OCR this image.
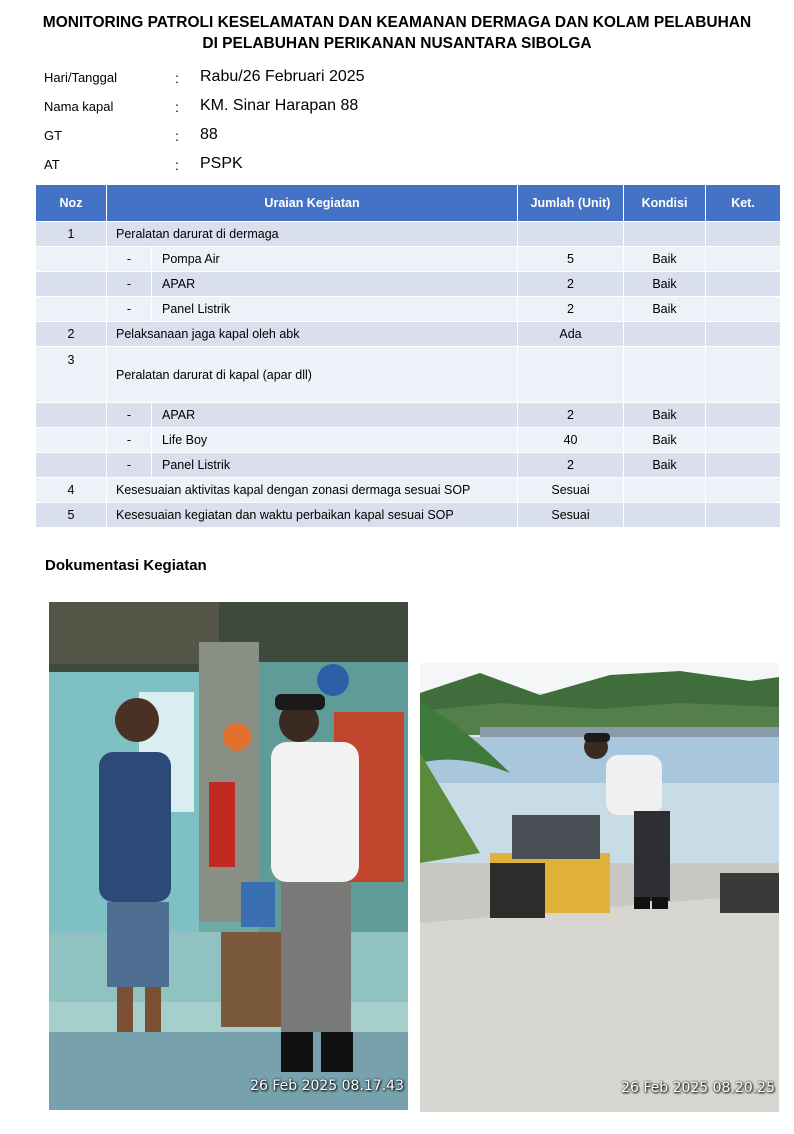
MONITORING PATROLI KESELAMATAN DAN KEAMANAN DERMAGA DAN KOLAM PELABUHAN
DI PELABUHAN PERIKANAN NUSANTARA SIBOLGA
Hari/Tanggal	: Rabu/26 Februari 2025
Nama kapal	: KM. Sinar Harapan 88
GT	: 88
AT	: PSPK
Noz	Uraian Kegiatan		Jumlah (Unit)	Kondisi	Ket.
1	Peralatan darurat di dermaga				
	-	Pompa Air	5	Baik	
	-	APAR	2	Baik	
	-	Panel Listrik	2	Baik	
2	Pelaksanaan jaga kapal oleh abk		Ada		
3	Peralatan darurat di kapal (apar dll)				
	-	APAR	2	Baik	
	-	Life Boy	40	Baik	
	-	Panel Listrik	2	Baik	
4	Kesesuaian aktivitas kapal dengan zonasi dermaga sesuai SOP		Sesuai		
5	Kesesuaian kegiatan dan waktu perbaikan kapal sesuai SOP		Sesuai		
Dokumentasi Kegiatan
26 Feb 2025 08.17.43	26 Feb 2025 08.20.25
